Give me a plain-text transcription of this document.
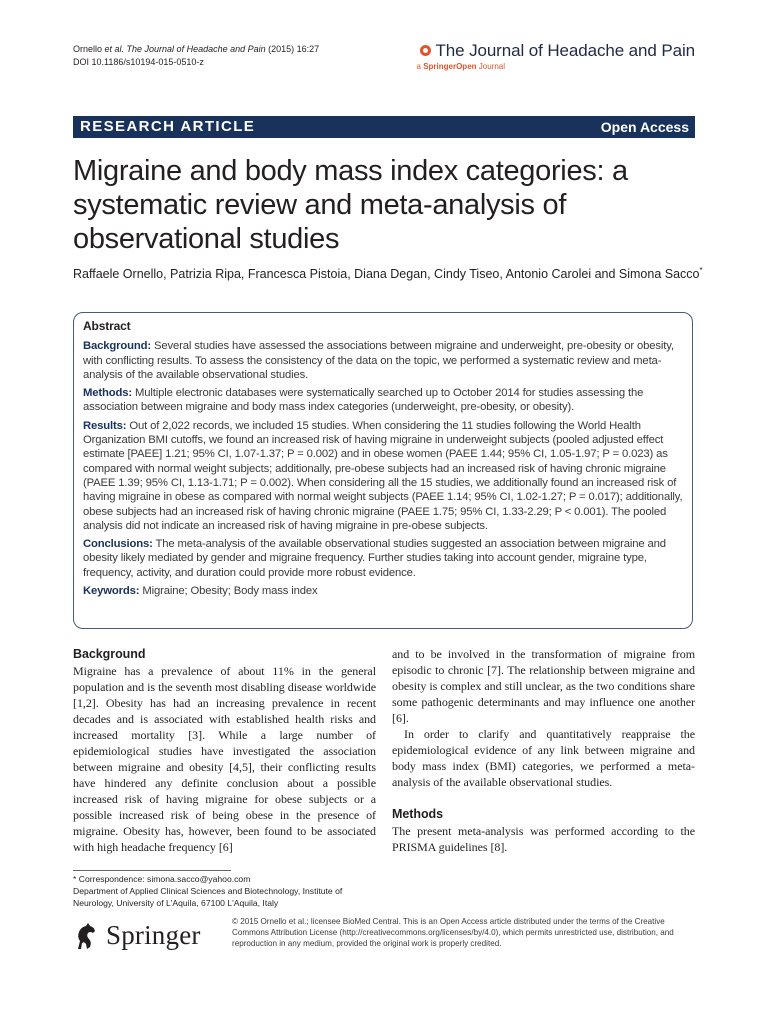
Ornello et al. The Journal of Headache and Pain (2015) 16:27
DOI 10.1186/s10194-015-0510-z
The Journal of Headache and Pain
a SpringerOpen Journal
RESEARCH ARTICLE	Open Access
Migraine and body mass index categories: a systematic review and meta-analysis of observational studies
Raffaele Ornello, Patrizia Ripa, Francesca Pistoia, Diana Degan, Cindy Tiseo, Antonio Carolei and Simona Sacco*
Abstract

Background: Several studies have assessed the associations between migraine and underweight, pre-obesity or obesity, with conflicting results. To assess the consistency of the data on the topic, we performed a systematic review and meta-analysis of the available observational studies.

Methods: Multiple electronic databases were systematically searched up to October 2014 for studies assessing the association between migraine and body mass index categories (underweight, pre-obesity, or obesity).

Results: Out of 2,022 records, we included 15 studies. When considering the 11 studies following the World Health Organization BMI cutoffs, we found an increased risk of having migraine in underweight subjects (pooled adjusted effect estimate [PAEE] 1.21; 95% CI, 1.07-1.37; P = 0.002) and in obese women (PAEE 1.44; 95% CI, 1.05-1.97; P = 0.023) as compared with normal weight subjects; additionally, pre-obese subjects had an increased risk of having chronic migraine (PAEE 1.39; 95% CI, 1.13-1.71; P = 0.002). When considering all the 15 studies, we additionally found an increased risk of having migraine in obese as compared with normal weight subjects (PAEE 1.14; 95% CI, 1.02-1.27; P = 0.017); additionally, obese subjects had an increased risk of having chronic migraine (PAEE 1.75; 95% CI, 1.33-2.29; P < 0.001). The pooled analysis did not indicate an increased risk of having migraine in pre-obese subjects.

Conclusions: The meta-analysis of the available observational studies suggested an association between migraine and obesity likely mediated by gender and migraine frequency. Further studies taking into account gender, migraine type, frequency, activity, and duration could provide more robust evidence.

Keywords: Migraine; Obesity; Body mass index

Background

Migraine has a prevalence of about 11% in the general population and is the seventh most disabling disease worldwide [1,2]. Obesity has had an increasing prevalence in recent decades and is associated with established health risks and increased mortality [3]. While a large number of epidemiological studies have investigated the association between migraine and obesity [4,5], their conflicting results have hindered any definite conclusion about a possible increased risk of having migraine for obese subjects or a possible increased risk of being obese in the presence of migraine. Obesity has, however, been found to be associated with high headache frequency [6]

and to be involved in the transformation of migraine from episodic to chronic [7]. The relationship between migraine and obesity is complex and still unclear, as the two conditions share some pathogenic determinants and may influence one another [6].

In order to clarify and quantitatively reappraise the epidemiological evidence of any link between migraine and body mass index (BMI) categories, we performed a meta-analysis of the available observational studies.

Methods

The present meta-analysis was performed according to the PRISMA guidelines [8].

* Correspondence: simona.sacco@yahoo.com
Department of Applied Clinical Sciences and Biotechnology, Institute of Neurology, University of L'Aquila, 67100 L'Aquila, Italy
Springer	© 2015 Ornello et al.; licensee BioMed Central. This is an Open Access article distributed under the terms of the Creative Commons Attribution License (http://creativecommons.org/licenses/by/4.0), which permits unrestricted use, distribution, and reproduction in any medium, provided the original work is properly credited.
